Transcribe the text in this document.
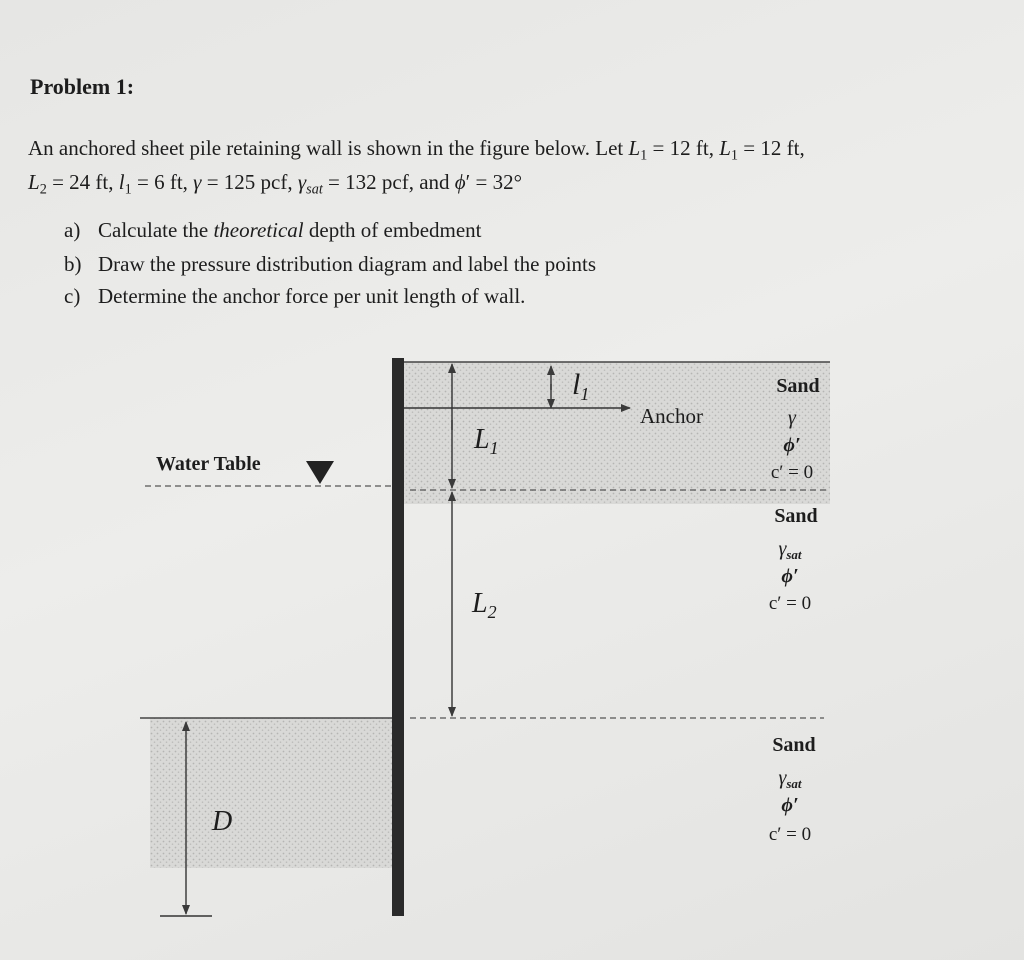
Problem 1:
An anchored sheet pile retaining wall is shown in the figure below. Let $L_1 = 12$ ft, $L_1 = 12$ ft,
$L_2 = 24$ ft, $l_1 = 6$ ft, γ = 125 pcf, $\gamma_{sat} = 132$ pcf, and ϕ′ = 32°
a) Calculate the theoretical depth of embedment
b) Draw the pressure distribution diagram and label the points
c) Determine the anchor force per unit length of wall.
$l_1$
$L_1$
$L_2$
D
Anchor
Water Table
Sand
γ
ϕ′
c′ = 0
Sand
$\gamma_{sat}$
ϕ′
c′ = 0
Sand
$\gamma_{sat}$
ϕ′
c′ = 0
